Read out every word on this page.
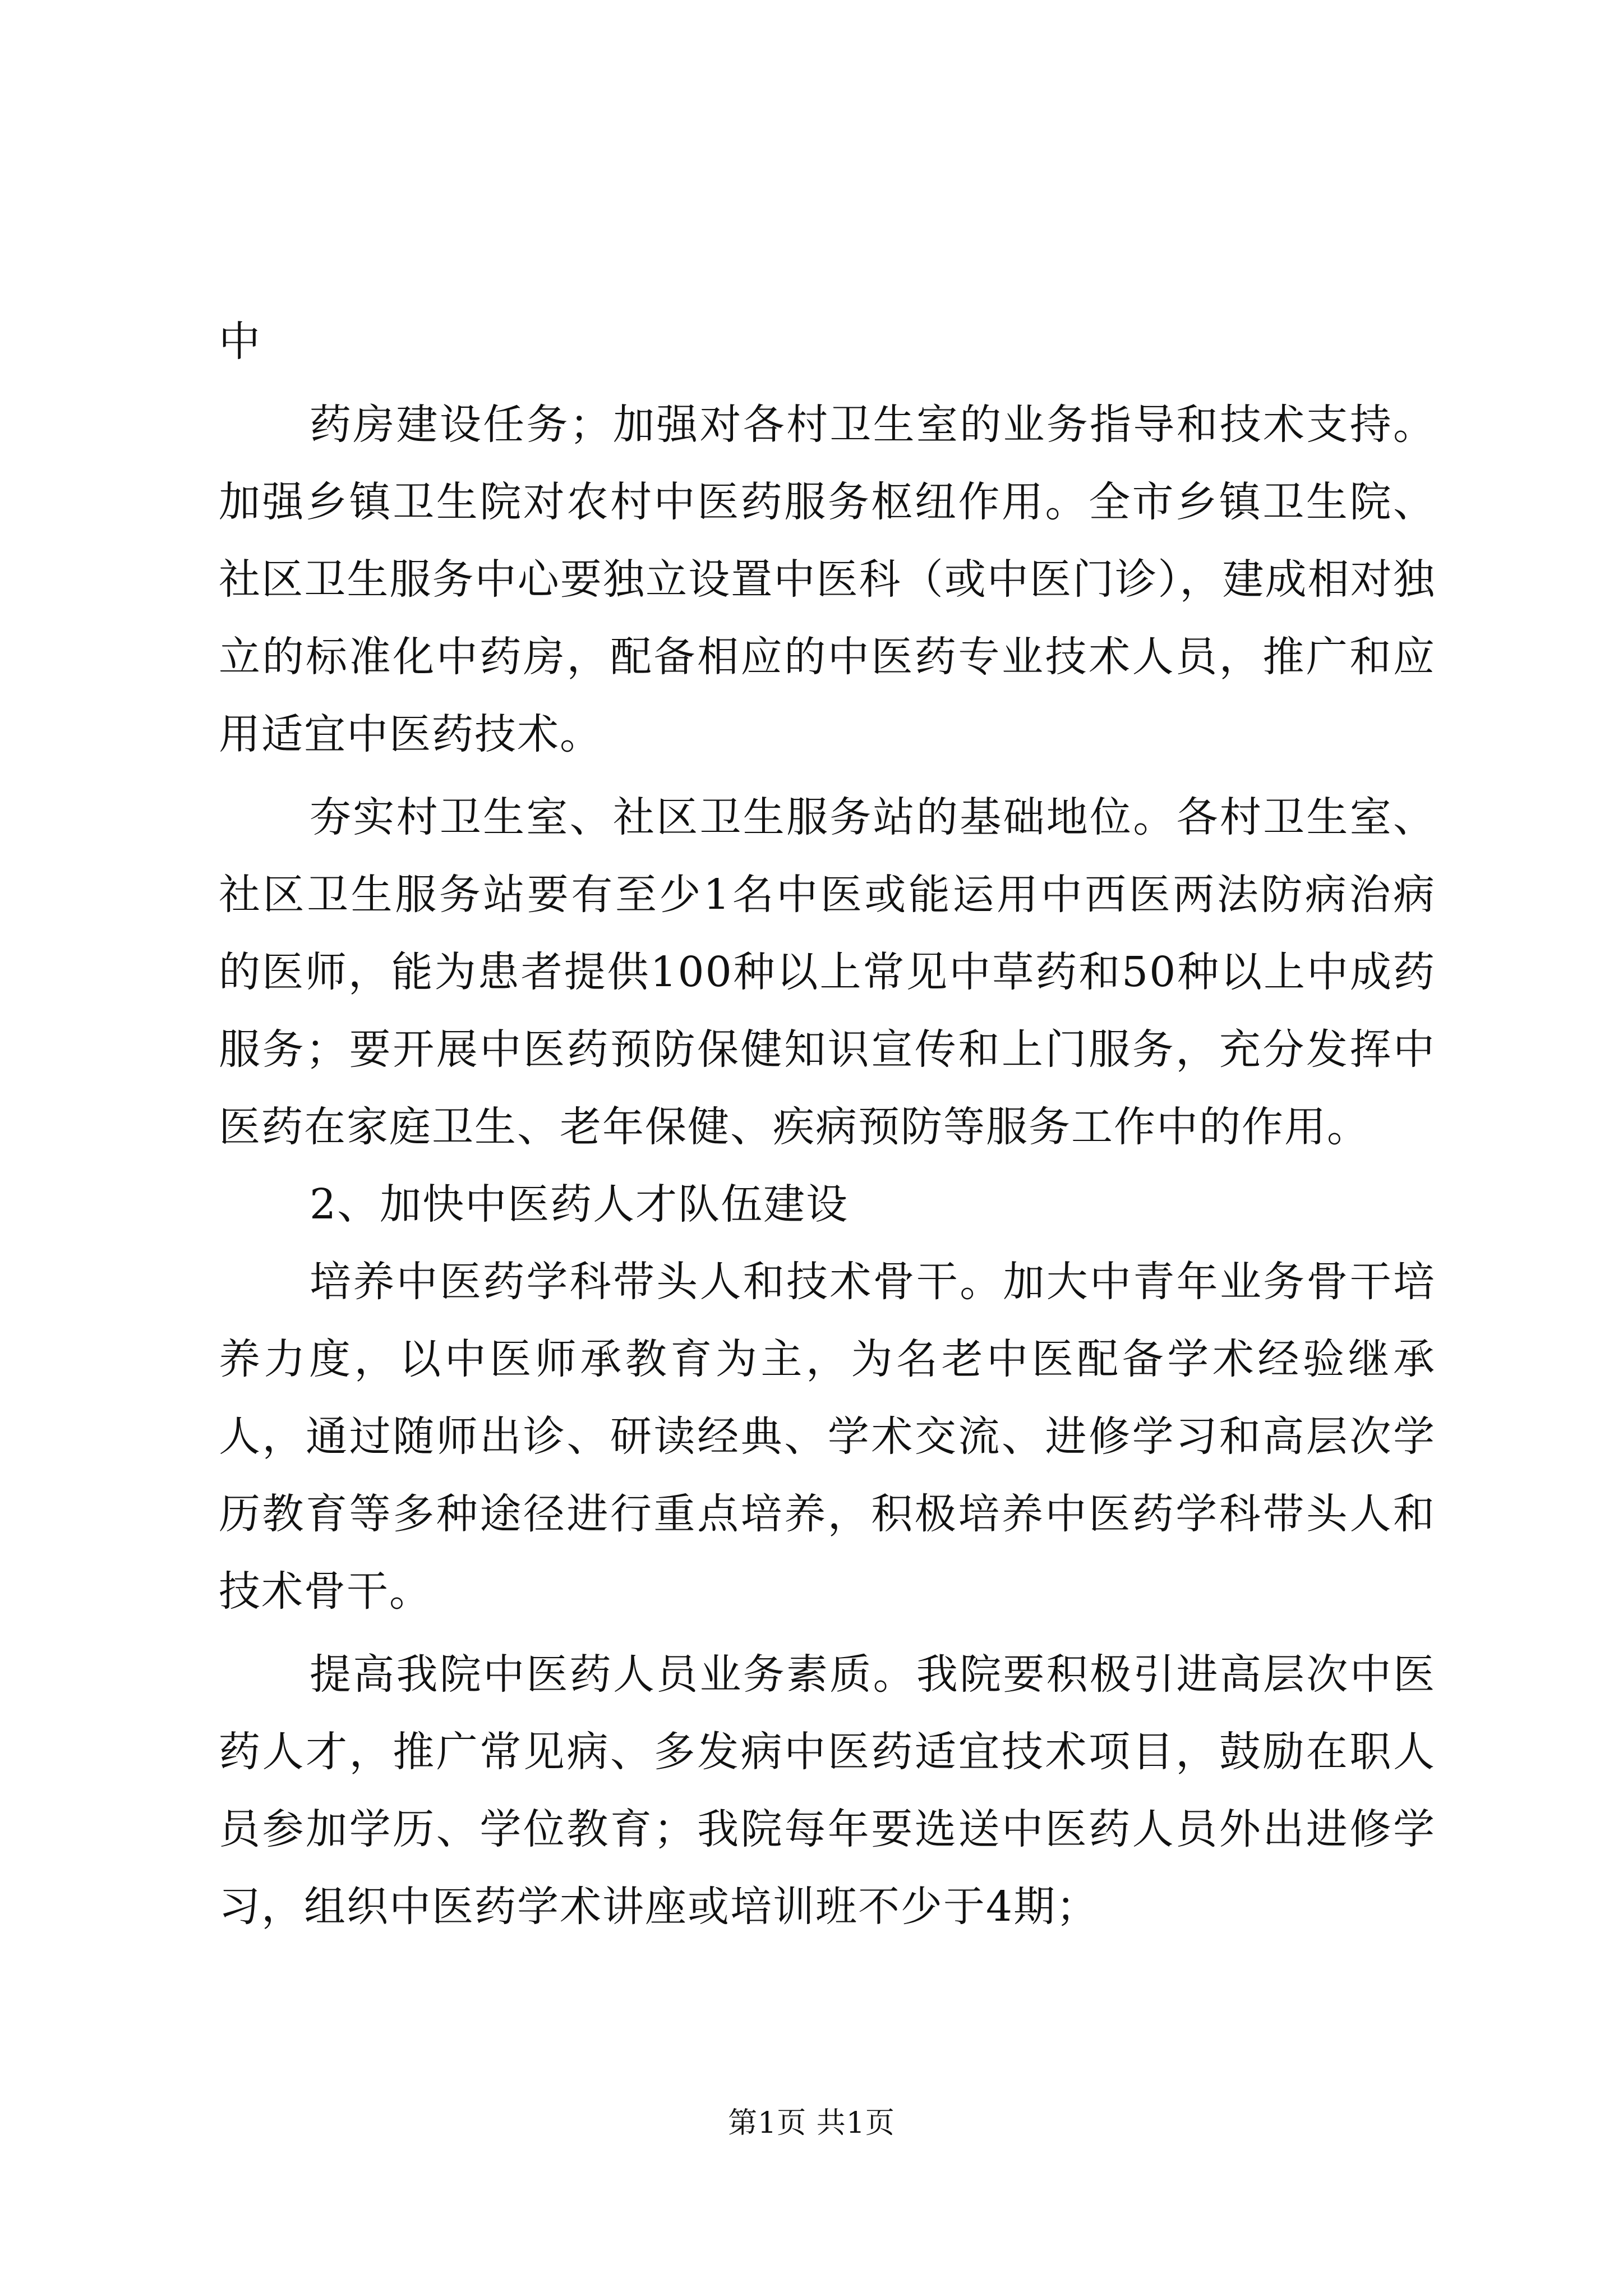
中

药房建设任务；加强对各村卫生室的业务指导和技术支持。加强乡镇卫生院对农村中医药服务枢纽作用。全市乡镇卫生院、社区卫生服务中心要独立设置中医科（或中医门诊），建成相对独立的标准化中药房，配备相应的中医药专业技术人员，推广和应用适宜中医药技术。

夯实村卫生室、社区卫生服务站的基础地位。各村卫生室、社区卫生服务站要有至少1名中医或能运用中西医两法防病治病的医师，能为患者提供100种以上常见中草药和50种以上中成药服务；要开展中医药预防保健知识宣传和上门服务，充分发挥中医药在家庭卫生、老年保健、疾病预防等服务工作中的作用。

2、加快中医药人才队伍建设

培养中医药学科带头人和技术骨干。加大中青年业务骨干培养力度，以中医师承教育为主，为名老中医配备学术经验继承人，通过随师出诊、研读经典、学术交流、进修学习和高层次学历教育等多种途径进行重点培养，积极培养中医药学科带头人和技术骨干。

提高我院中医药人员业务素质。我院要积极引进高层次中医药人才，推广常见病、多发病中医药适宜技术项目，鼓励在职人员参加学历、学位教育；我院每年要选送中医药人员外出进修学习，组织中医药学术讲座或培训班不少于4期；

第1页 共1页
